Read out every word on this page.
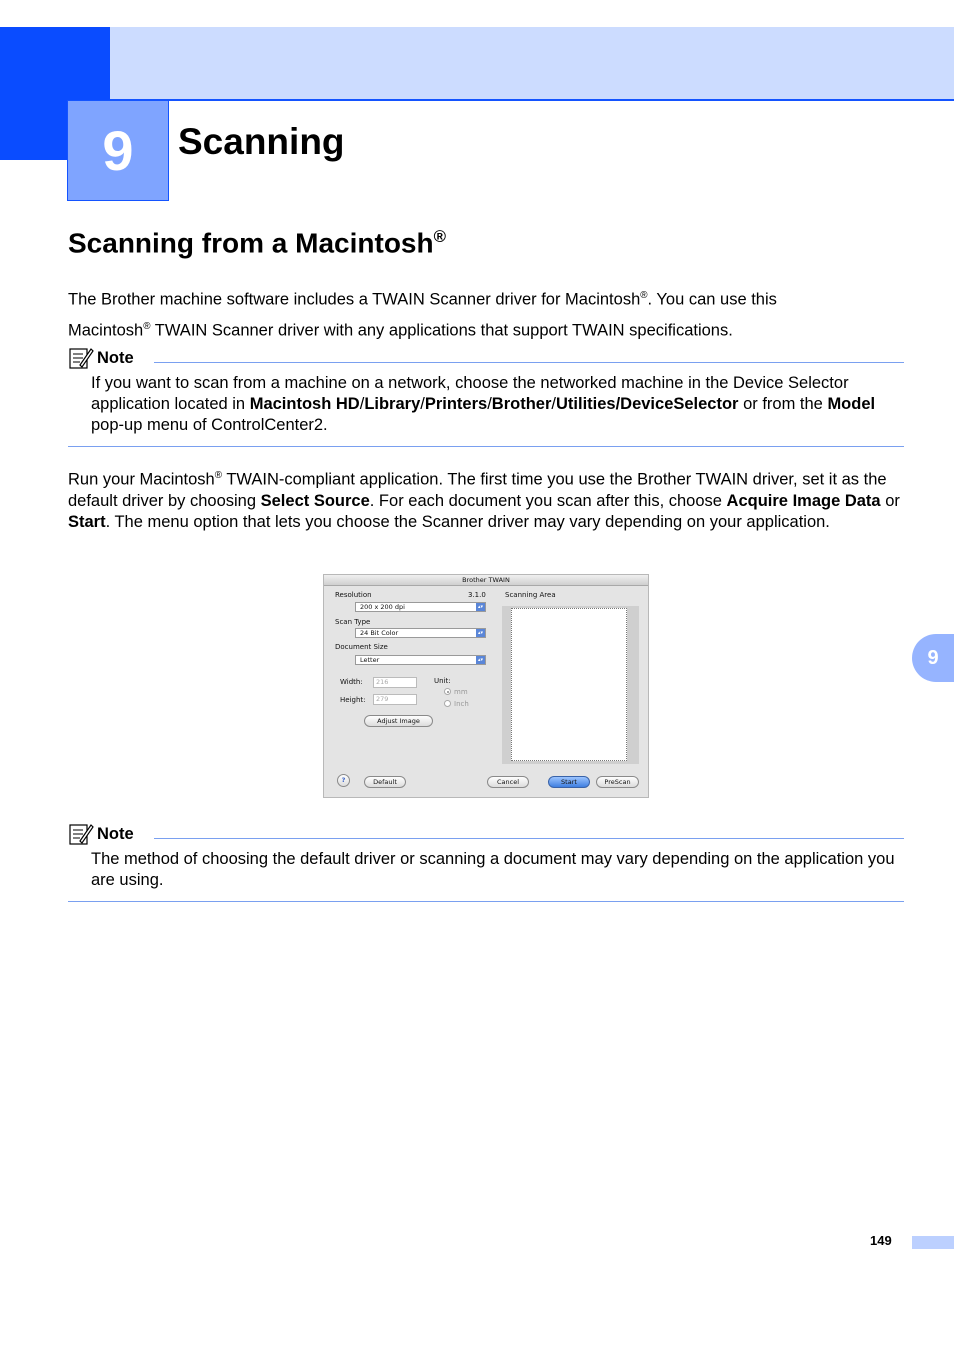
9	Scanning
Scanning from a Macintosh®
The Brother machine software includes a TWAIN Scanner driver for Macintosh®. You can use this
Macintosh® TWAIN Scanner driver with any applications that support TWAIN specifications.
Note
If you want to scan from a machine on a network, choose the networked machine in the Device Selector application located in Macintosh HD/Library/Printers/Brother/Utilities/DeviceSelector or from the Model pop-up menu of ControlCenter2.
Run your Macintosh® TWAIN-compliant application. The first time you use the Brother TWAIN driver, set it as the default driver by choosing Select Source. For each document you scan after this, choose Acquire Image Data or Start. The menu option that lets you choose the Scanner driver may vary depending on your application.
Brother TWAIN
Resolution	3.1.0	Scanning Area
200 x 200 dpi	▴▾
Scan Type
24 Bit Color	▴▾
Document Size
Letter	▴▾
Width:	216
Height:	279
Unit:
mm
Inch
Adjust Image
?	Default	Cancel	Start	PreScan
Note
The method of choosing the default driver or scanning a document may vary depending on the application you are using.
9
149
